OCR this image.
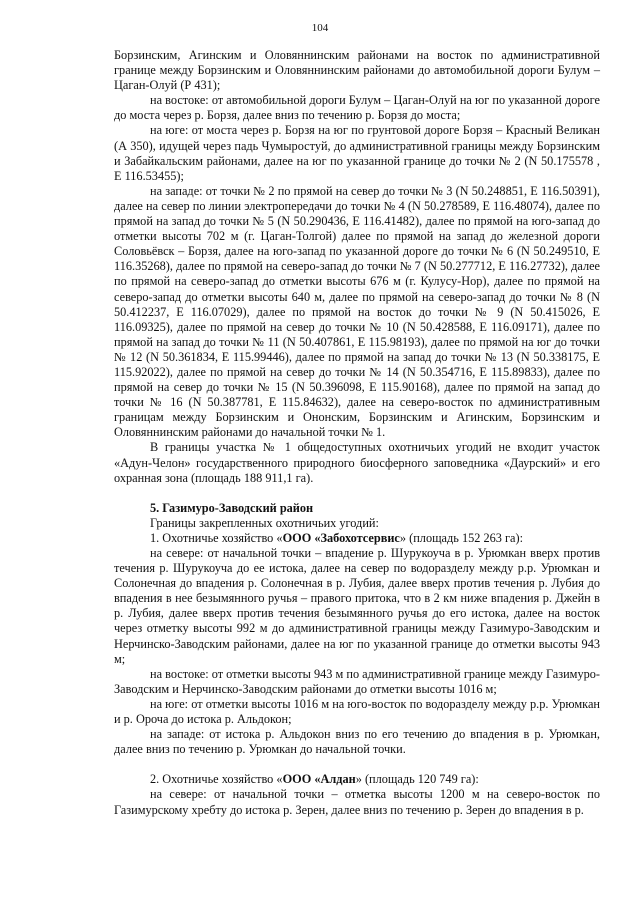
104

Борзинским, Агинским и Оловяннинским районами на восток по административной границе между Борзинским и Оловяннинским районами до автомобильной дороги Булум – Цаган-Олуй (Р 431);

на востоке: от автомобильной дороги Булум – Цаган-Олуй на юг по указанной дороге до моста через р. Борзя, далее вниз по течению р. Борзя до моста;

на юге: от моста через р. Борзя на юг по грунтовой дороге Борзя – Красный Великан (А 350), идущей через падь Чумыростуй, до административной границы между Борзинским и Забайкальским районами, далее на юг по указанной границе до точки № 2 (N 50.175578 , E 116.53455);

на западе: от точки № 2 по прямой на север до точки № 3 (N 50.248851, E 116.50391), далее на север по линии электропередачи до точки № 4 (N 50.278589, E 116.48074), далее по прямой на запад до точки № 5 (N 50.290436, E 116.41482), далее по прямой на юго-запад до отметки высоты 702 м (г. Цаган-Толгой) далее по прямой на запад до железной дороги Соловьёвск – Борзя, далее на юго-запад по указанной дороге до точки № 6 (N 50.249510, E 116.35268), далее по прямой на северо-запад до точки № 7 (N 50.277712, E 116.27732), далее по прямой на северо-запад до отметки высоты 676 м (г. Кулусу-Нор), далее по прямой на северо-запад до отметки высоты 640 м, далее по прямой на северо-запад до точки № 8 (N 50.412237, E 116.07029), далее по прямой на восток до точки № 9 (N 50.415026, E 116.09325), далее по прямой на север до точки № 10 (N 50.428588, E 116.09171), далее по прямой на запад до точки № 11 (N 50.407861, E 115.98193), далее по прямой на юг до точки № 12 (N 50.361834, E 115.99446), далее по прямой на запад до точки № 13 (N 50.338175, E 115.92022), далее по прямой на север до точки № 14 (N 50.354716, E 115.89833), далее по прямой на север до точки № 15 (N 50.396098, E 115.90168), далее по прямой на запад до точки № 16 (N 50.387781, E 115.84632), далее на северо-восток по административным границам между Борзинским и Ононским, Борзинским и Агинским, Борзинским и Оловяннинским районами до начальной точки № 1.

В границы участка № 1 общедоступных охотничьих угодий не входит участок «Адун-Челон» государственного природного биосферного заповедника «Даурский» и его охранная зона (площадь 188 911,1 га).

5. Газимуро-Заводский район

Границы закрепленных охотничьих угодий:

1. Охотничье хозяйство «ООО «Забохотсервис» (площадь 152 263 га):

на севере: от начальной точки – впадение р. Шурукоуча в р. Урюмкан вверх против течения р. Шурукоуча до ее истока, далее на север по водоразделу между р.р. Урюмкан и Солонечная до впадения р. Солонечная в р. Лубия, далее вверх против течения р. Лубия до впадения в нее безымянного ручья – правого притока, что в 2 км ниже впадения р. Джейн в р. Лубия, далее вверх против течения безымянного ручья до его истока, далее на восток через отметку высоты 992 м до административной границы между Газимуро-Заводским и Нерчинско-Заводским районами, далее на юг по указанной границе до отметки высоты 943 м;

на востоке: от отметки высоты 943 м по административной границе между Газимуро-Заводским и Нерчинско-Заводским районами до отметки высоты 1016 м;

на юге: от отметки высоты 1016 м на юго-восток по водоразделу между р.р. Урюмкан и р. Ороча до истока р. Альдокон;

на западе: от истока р. Альдокон вниз по его течению до впадения в р. Урюмкан, далее вниз по течению р. Урюмкан до начальной точки.

2. Охотничье хозяйство «ООО «Алдан» (площадь 120 749 га):

на севере: от начальной точки – отметка высоты 1200 м на северо-восток по Газимурскому хребту до истока р. Зерен, далее вниз по течению р. Зерен до впадения в р.
